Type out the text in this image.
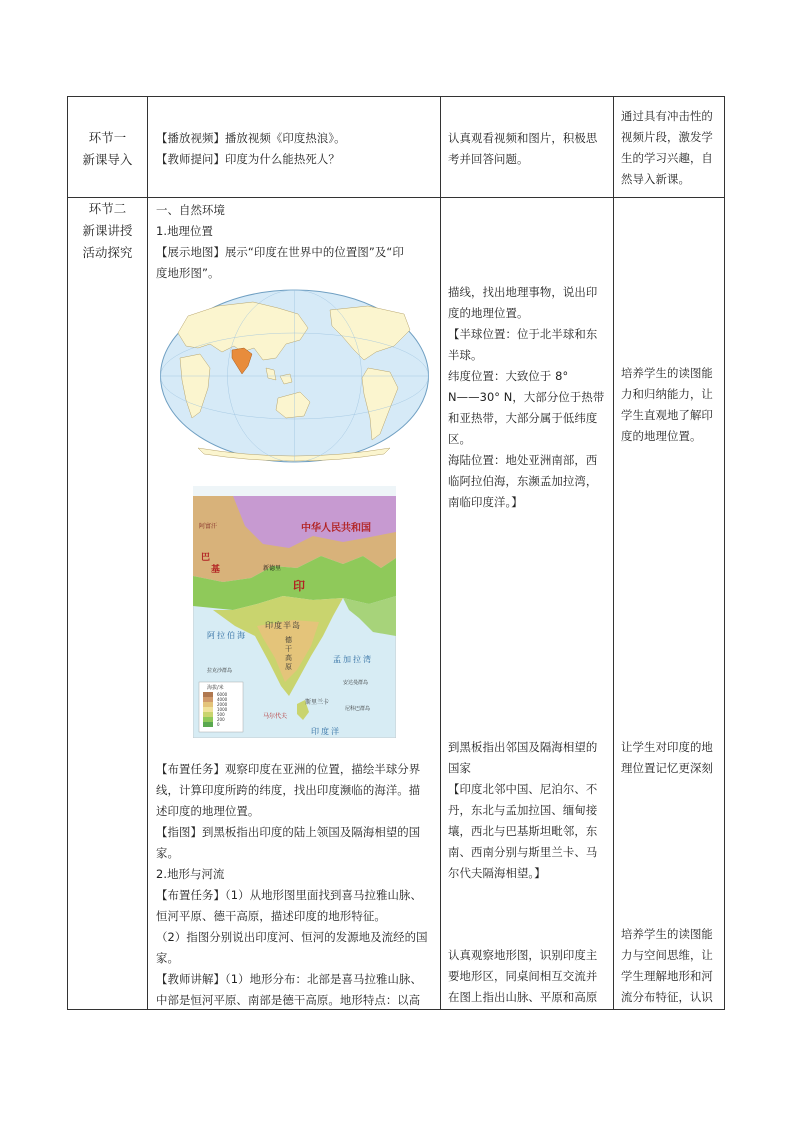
环节一

新课导入

【播放视频】播放视频《印度热浪》。

【教师提问】印度为什么能热死人？

认真观看视频和图片，积极思

考并回答问题。

通过具有冲击性的

视频片段，激发学

生的学习兴趣，自

然导入新课。

环节二

新课讲授

活动探究

一、自然环境

1.地理位置

【展示地图】展示“印度在世界中的位置图”及“印

度地形图”。

中华人民共和国
阿富汗
巴
基	新德里
印
印 度 半 岛
德
干
高
原
斯里兰卡
阿 拉 伯 海
孟 加 拉 湾
印 度 洋
拉克沙群岛
安达曼群岛
尼科巴群岛
马尔代夫
海拔/米
6000
4000
2000
1000
500
200
0

【布置任务】观察印度在亚洲的位置，描绘半球分界

线，计算印度所跨的纬度，找出印度濒临的海洋。描

述印度的地理位置。

【指图】到黑板指出印度的陆上领国及隔海相望的国

家。

2.地形与河流

【布置任务】（1）从地形图里面找到喜马拉雅山脉、

恒河平原、德干高原，描述印度的地形特征。

（2）指图分别说出印度河、恒河的发源地及流经的国

家。

【教师讲解】（1）地形分布：北部是喜马拉雅山脉、

中部是恒河平原、南部是德干高原。地形特点：以高

描线，找出地理事物，说出印

度的地理位置。

【半球位置：位于北半球和东

半球。

纬度位置：大致位于 8°

N——30° N，大部分位于热带

和亚热带，大部分属于低纬度

区。

海陆位置：地处亚洲南部，西

临阿拉伯海，东濒孟加拉湾，

南临印度洋。】

到黑板指出邻国及隔海相望的

国家

【印度北邻中国、尼泊尔、不

丹，东北与孟加拉国、缅甸接

壤，西北与巴基斯坦毗邻，东

南、西南分别与斯里兰卡、马

尔代夫隔海相望。】

认真观察地形图，识别印度主

要地形区，同桌间相互交流并

在图上指出山脉、平原和高原

培养学生的读图能

力和归纳能力，让

学生直观地了解印

度的地理位置。

让学生对印度的地

理位置记忆更深刻

培养学生的读图能

力与空间思维，让

学生理解地形和河

流分布特征，认识
